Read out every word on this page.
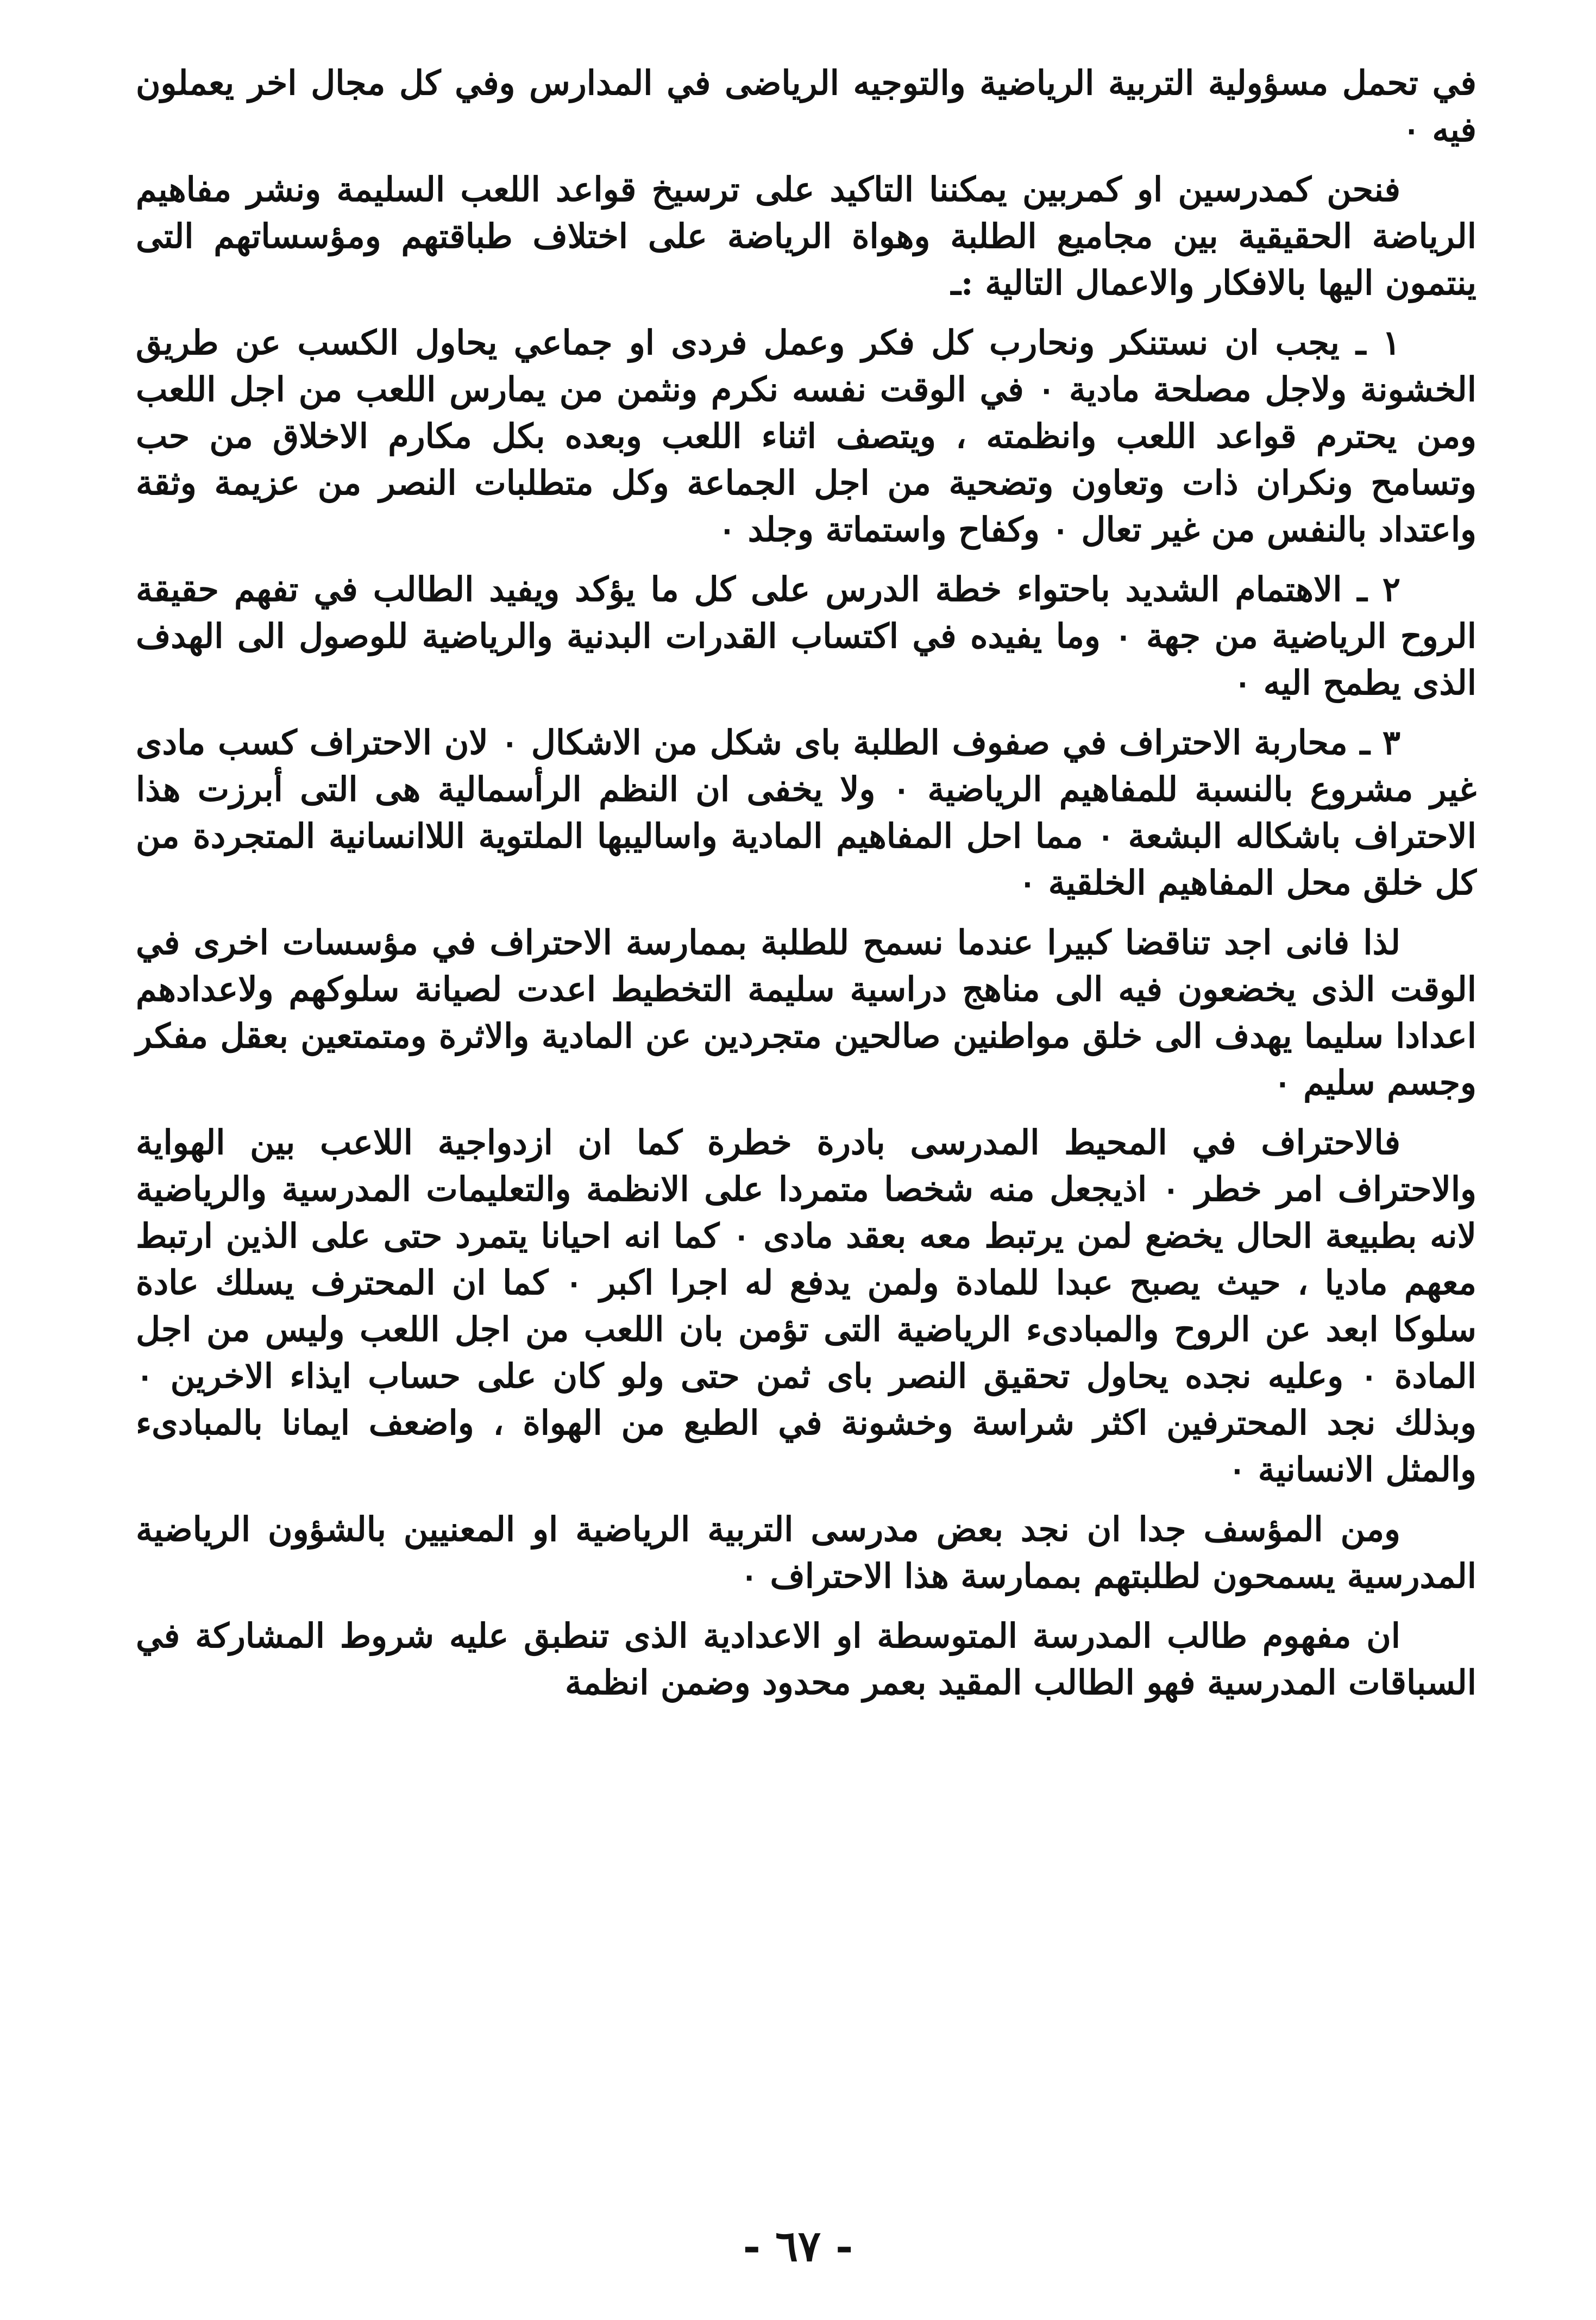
في تحمل مسؤولية التربية الرياضية والتوجيه الرياضى في المدارس وفي كل مجال اخر يعملون فيه ٠

فنحن كمدرسين او كمربين يمكننا التاكيد على ترسيخ قواعد اللعب السليمة ونشر مفاهيم الرياضة الحقيقية بين مجاميع الطلبة وهواة الرياضة على اختلاف طباقتهم ومؤسساتهم التى ينتمون اليها بالافكار والاعمال التالية :ـ

١ ـ يجب ان نستنكر ونحارب كل فكر وعمل فردى او جماعي يحاول الكسب عن طريق الخشونة ولاجل مصلحة مادية ٠ في الوقت نفسه نكرم ونثمن من يمارس اللعب من اجل اللعب ومن يحترم قواعد اللعب وانظمته ، ويتصف اثناء اللعب وبعده بكل مكارم الاخلاق من حب وتسامح ونكران ذات وتعاون وتضحية من اجل الجماعة وكل متطلبات النصر من عزيمة وثقة واعتداد بالنفس من غير تعال ٠ وكفاح واستماتة وجلد ٠

٢ ـ الاهتمام الشديد باحتواء خطة الدرس على كل ما يؤكد ويفيد الطالب في تفهم حقيقة الروح الرياضية من جهة ٠ وما يفيده في اكتساب القدرات البدنية والرياضية للوصول الى الهدف الذى يطمح اليه ٠

٣ ـ محاربة الاحتراف في صفوف الطلبة باى شكل من الاشكال ٠ لان الاحتراف كسب مادى غير مشروع بالنسبة للمفاهيم الرياضية ٠ ولا يخفى ان النظم الرأسمالية هى التى أبرزت هذا الاحتراف باشكاله البشعة ٠ مما احل المفاهيم المادية واساليبها الملتوية اللاانسانية المتجردة من كل خلق محل المفاهيم الخلقية ٠

لذا فانى اجد تناقضا كبيرا عندما نسمح للطلبة بممارسة الاحتراف في مؤسسات اخرى في الوقت الذى يخضعون فيه الى مناهج دراسية سليمة التخطيط اعدت لصيانة سلوكهم ولاعدادهم اعدادا سليما يهدف الى خلق مواطنين صالحين متجردين عن المادية والاثرة ومتمتعين بعقل مفكر وجسم سليم ٠

فالاحتراف في المحيط المدرسى بادرة خطرة كما ان ازدواجية اللاعب بين الهواية والاحتراف امر خطر ٠ اذيجعل منه شخصا متمردا على الانظمة والتعليمات المدرسية والرياضية لانه بطبيعة الحال يخضع لمن يرتبط معه بعقد مادى ٠ كما انه احيانا يتمرد حتى على الذين ارتبط معهم ماديا ، حيث يصبح عبدا للمادة ولمن يدفع له اجرا اكبر ٠ كما ان المحترف يسلك عادة سلوكا ابعد عن الروح والمبادىء الرياضية التى تؤمن بان اللعب من اجل اللعب وليس من اجل المادة ٠ وعليه نجده يحاول تحقيق النصر باى ثمن حتى ولو كان على حساب ايذاء الاخرين ٠ وبذلك نجد المحترفين اكثر شراسة وخشونة في الطبع من الهواة ، واضعف ايمانا بالمبادىء والمثل الانسانية ٠

ومن المؤسف جدا ان نجد بعض مدرسى التربية الرياضية او المعنيين بالشؤون الرياضية المدرسية يسمحون لطلبتهم بممارسة هذا الاحتراف ٠

ان مفهوم طالب المدرسة المتوسطة او الاعدادية الذى تنطبق عليه شروط المشاركة في السباقات المدرسية فهو الطالب المقيد بعمر محدود وضمن انظمة

- ٦٧ -
